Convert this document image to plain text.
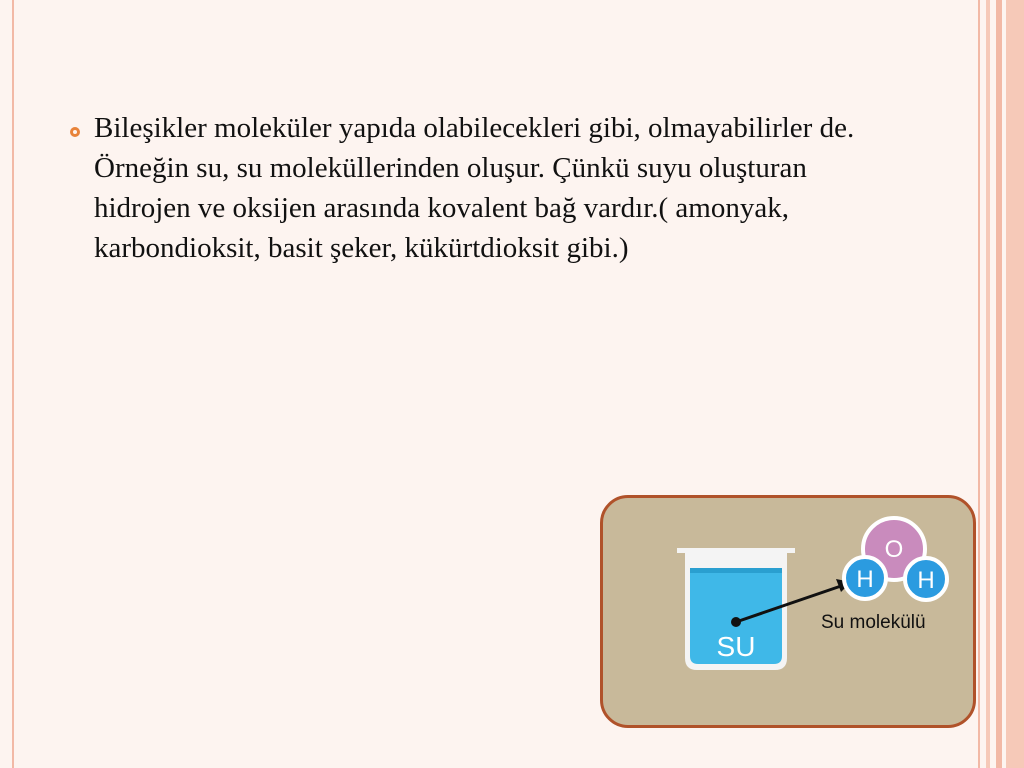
Bileşikler moleküler yapıda olabilecekleri gibi, olmayabilirler de. Örneğin su, su moleküllerinden oluşur. Çünkü suyu oluşturan hidrojen ve oksijen arasında kovalent bağ vardır.( amonyak, karbondioksit, basit şeker, kükürtdioksit gibi.)
SU
O
H H
Su molekülü
